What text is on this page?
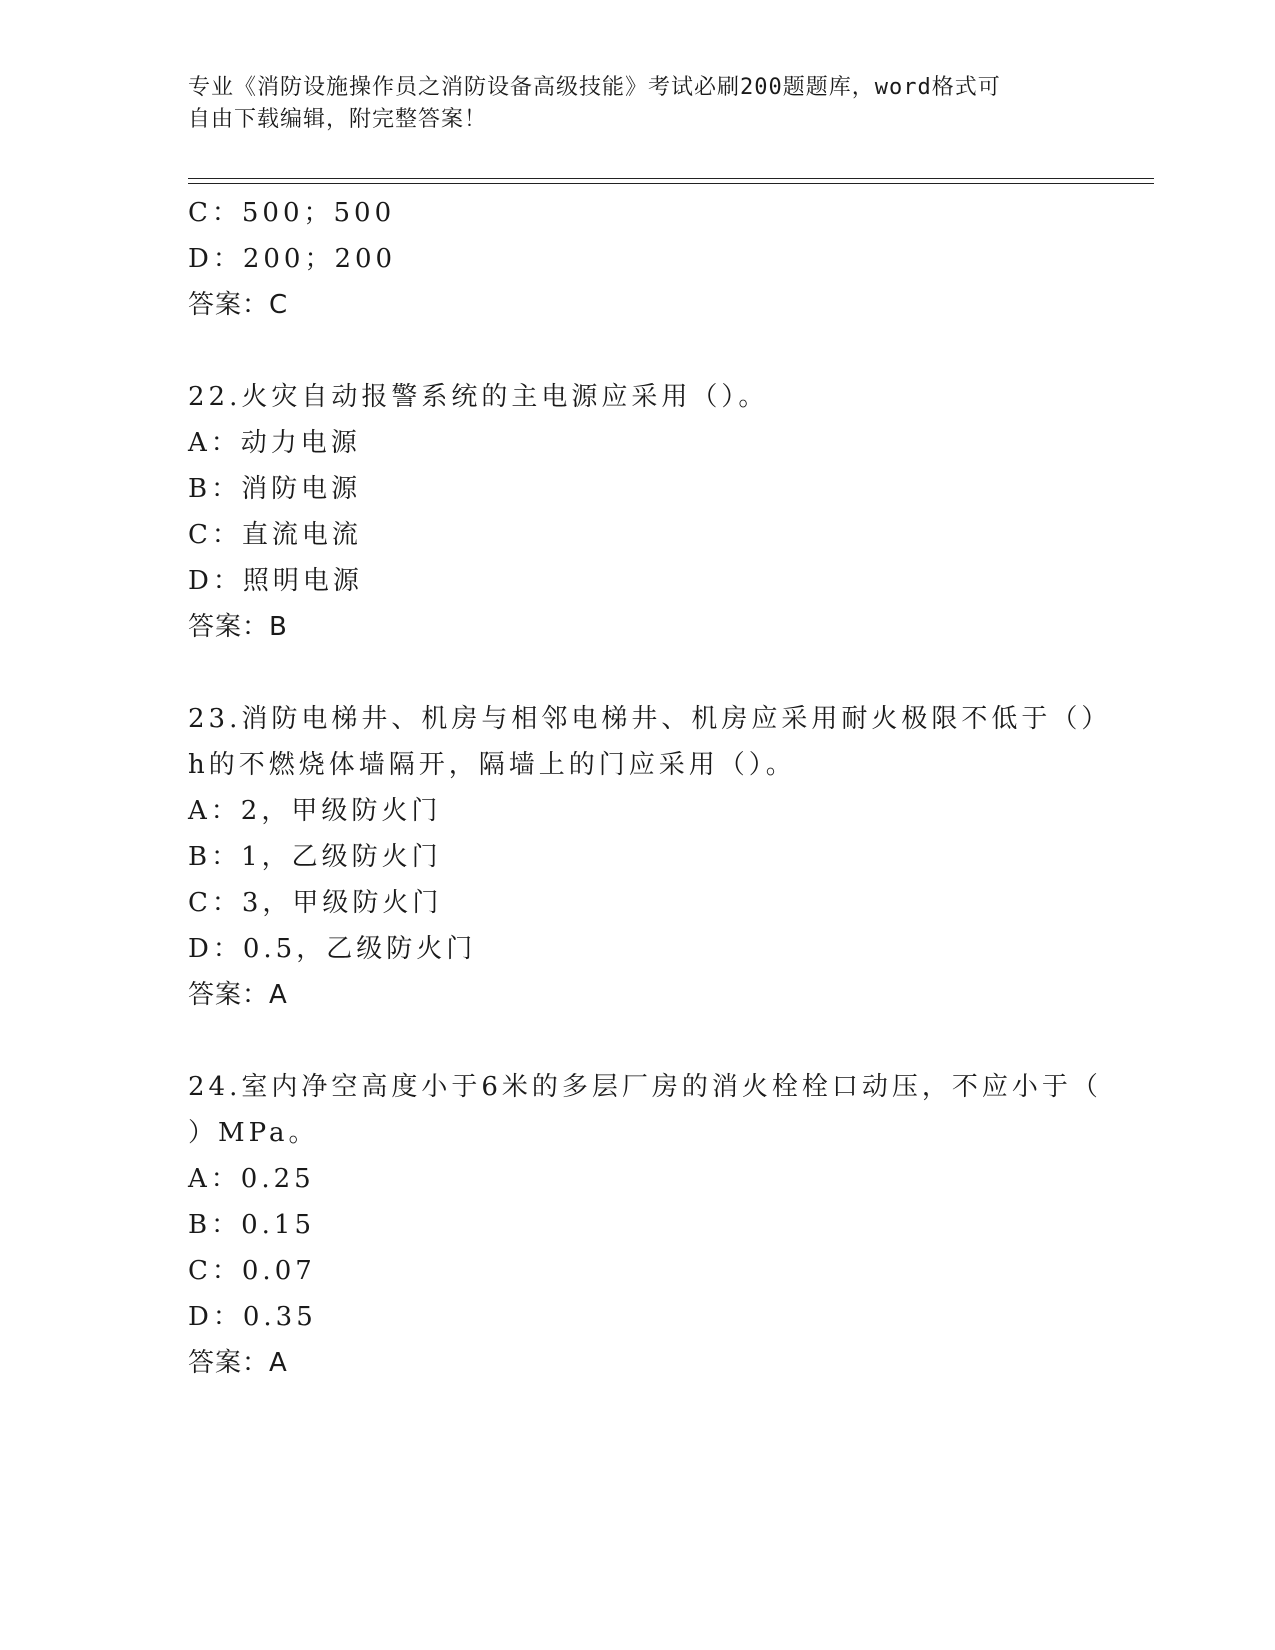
专业《消防设施操作员之消防设备高级技能》考试必刷200题题库，word格式可
自由下载编辑，附完整答案！
C：500；500
D：200；200
答案：C
22.火灾自动报警系统的主电源应采用（）。
A：动力电源
B：消防电源
C：直流电流
D：照明电源
答案：B
23.消防电梯井、机房与相邻电梯井、机房应采用耐火极限不低于（）
h的不燃烧体墙隔开，隔墙上的门应采用（）。
A：2，甲级防火门
B：1，乙级防火门
C：3，甲级防火门
D：0.5，乙级防火门
答案：A
24.室内净空高度小于6米的多层厂房的消火栓栓口动压，不应小于（
）MPa。
A：0.25
B：0.15
C：0.07
D：0.35
答案：A
